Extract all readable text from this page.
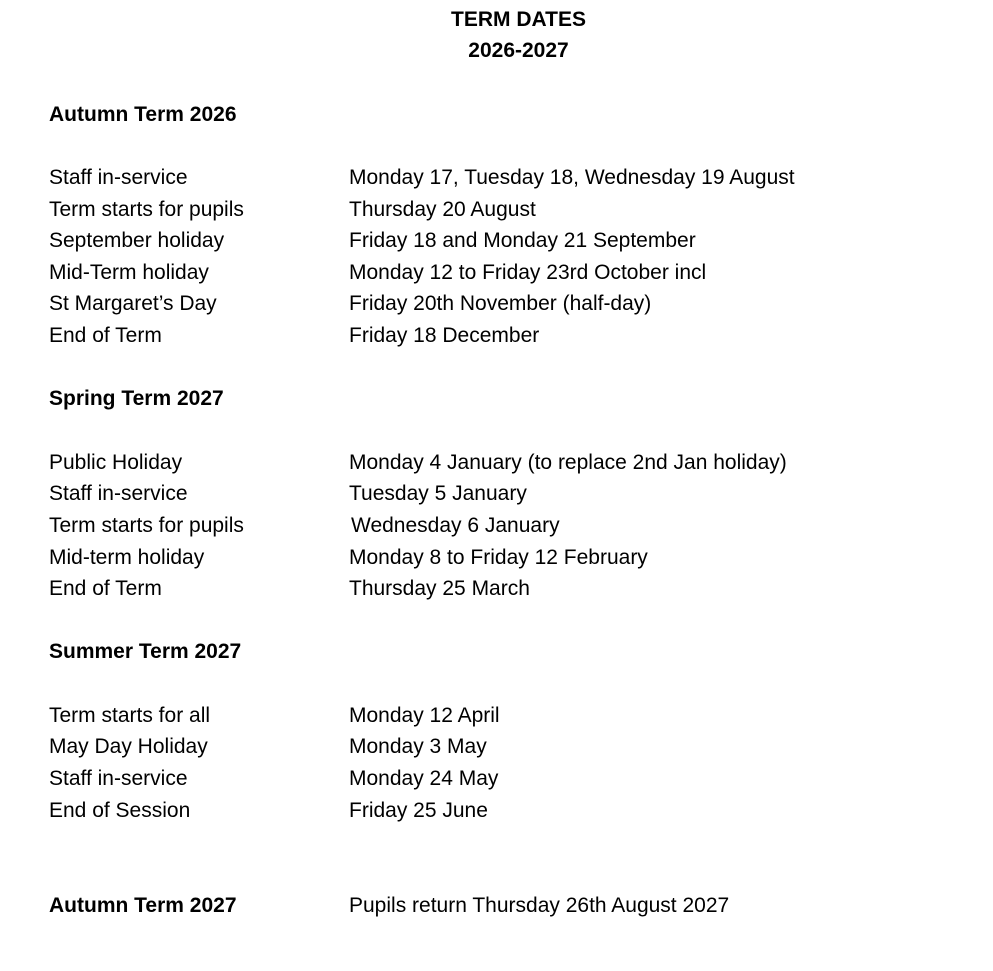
TERM DATES
2026-2027
Autumn Term 2026
Staff in-service	Monday 17, Tuesday 18, Wednesday 19 August
Term starts for pupils	Thursday 20 August
September holiday	Friday 18 and Monday 21 September
Mid-Term holiday	Monday 12 to Friday 23rd October incl
St Margaret’s Day	Friday 20th November (half-day)
End of Term	Friday 18 December
Spring Term 2027
Public Holiday	Monday 4 January (to replace 2nd Jan holiday)
Staff in-service	Tuesday 5 January
Term starts for pupils	Wednesday 6 January
Mid-term holiday	Monday 8 to Friday 12 February
End of Term	Thursday 25 March
Summer Term 2027
Term starts for all	Monday 12 April
May Day Holiday	Monday 3 May
Staff in-service	Monday 24 May
End of Session	Friday 25 June
Autumn Term 2027	Pupils return Thursday 26th August 2027
